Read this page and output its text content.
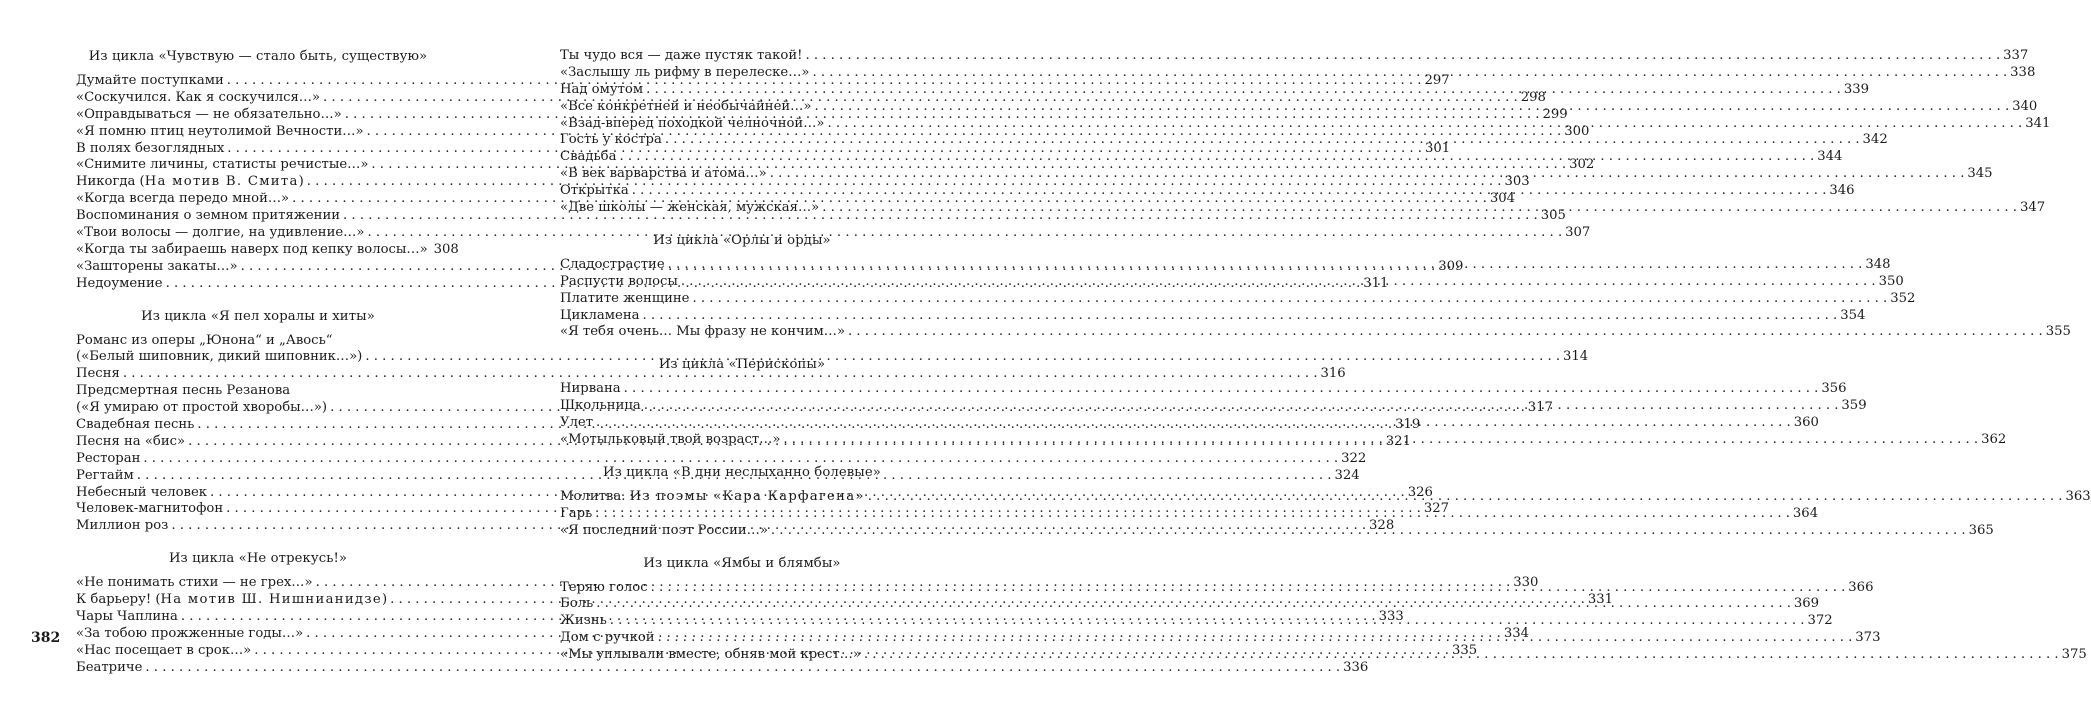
Из цикла «Чувствую — стало быть, существую»
Думайте поступками . . .	297
«Соскучился. Как я соскучился…» . . .	298
«Оправдываться — не обязательно…» . . .	299
«Я помню птиц неутолимой Вечности…» . . .	300
В полях безоглядных . . .	301
«Снимите личины, статисты речистые…» . . .	302
Никогда (На мотив В. Смита) . . .	303
«Когда всегда передо мной…» . . .	304
Воспоминания о земном притяжении . . .	305
«Твои волосы — долгие, на удивление…» . . .	307
«Когда ты забираешь наверх под кепку волосы…» 308
«Зашторены закаты…» . . .	309
Недоумение . . .	311
Из цикла «Я пел хоралы и хиты»
Романс из оперы „Юнона“ и „Авось“
(«Белый шиповник, дикий шиповник…») . . .	314
Песня . . .	316
Предсмертная песнь Резанова
(«Я умираю от простой хворобы…») . . .	317
Свадебная песнь . . .	319
Песня на «бис» . . .	321
Ресторан . . .	322
Регтайм . . .	324
Небесный человек . . .	326
Человек-магнитофон . . .	327
Миллион роз . . .	328
Из цикла «Не отрекусь!»
«Не понимать стихи — не грех…» . . .	330
К барьеру! (На мотив Ш. Нишнианидзе) . . .	331
Чары Чаплина . . .	333
«За тобою прожженные годы…» . . .	334
«Нас посещает в срок…» . . .	335
Беатриче . . .	336
Ты чудо вся — даже пустяк такой! . . .	337
«Заслышу ль рифму в перелеске…» . . .	338
Над омутом . . .	339
«Все конкретней и необычайней…» . . .	340
«Взад-вперед походкой челночной…» . . .	341
Гость у костра . . .	342
Свадьба . . .	344
«В век варварства и атома…» . . .	345
Открытка . . .	346
«Две школы — женская, мужская…» . . .	347
Из цикла «Орлы и орды»
Сладострастие . . .	348
Распусти волосы . . .	350
Платите женщине . . .	352
Цикламена . . .	354
«Я тебя очень… Мы фразу не кончим…» . . .	355
Из цикла «Перископы»
Нирвана . . .	356
Школьница . . .	359
Улет . . .	360
«Мотыльковый твой возраст…» . . .	362
Из цикла «В дни неслыханно болевые»
Молитва. Из поэмы «Кара Карфагена» . . .	363
Гарь . . .	364
«Я последний поэт России…» . . .	365
Из цикла «Ямбы и блямбы»
Теряю голос . . .	366
Боль . . .	369
Жизнь . . .	372
Дом с ручкой . . .	373
«Мы уплывали вместе, обняв мой крест…» . . .	375
382
